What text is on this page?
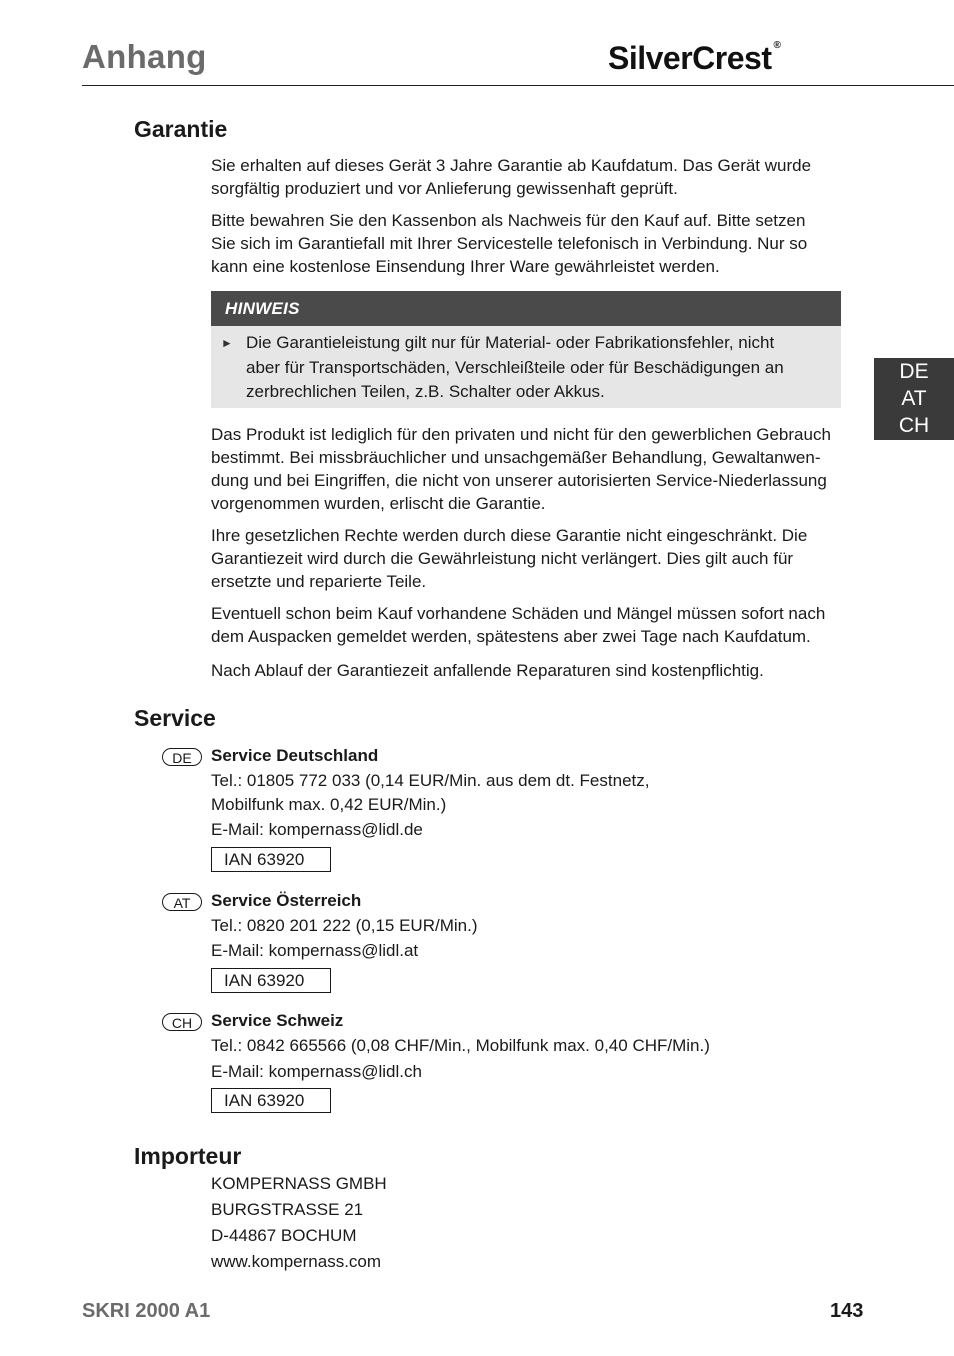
Anhang	SilverCrest ®
DE
AT
CH
Garantie
Sie erhalten auf dieses Gerät 3 Jahre Garantie ab Kaufdatum. Das Gerät wurde
sorgfältig produziert und vor Anlieferung gewissenhaft geprüft.
Bitte bewahren Sie den Kassenbon als Nachweis für den Kauf auf. Bitte setzen
Sie sich im Garantiefall mit Ihrer Servicestelle telefonisch in Verbindung. Nur so
kann eine kostenlose Einsendung Ihrer Ware gewährleistet werden.
HINWEIS
► Die Garantieleistung gilt nur für Material- oder Fabrikationsfehler, nicht
aber für Transportschäden, Verschleißteile oder für Beschädigungen an
zerbrechlichen Teilen, z.B. Schalter oder Akkus.
Das Produkt ist lediglich für den privaten und nicht für den gewerblichen Gebrauch
bestimmt. Bei missbräuchlicher und unsachgemäßer Behandlung, Gewaltanwen-
dung und bei Eingriffen, die nicht von unserer autorisierten Service-Niederlassung
vorgenommen wurden, erlischt die Garantie.
Ihre gesetzlichen Rechte werden durch diese Garantie nicht eingeschränkt. Die
Garantiezeit wird durch die Gewährleistung nicht verlängert. Dies gilt auch für
ersetzte und reparierte Teile.
Eventuell schon beim Kauf vorhandene Schäden und Mängel müssen sofort nach
dem Auspacken gemeldet werden, spätestens aber zwei Tage nach Kaufdatum.
Nach Ablauf der Garantiezeit anfallende Reparaturen sind kostenpflichtig.
Service
DE	Service Deutschland
Tel.: 01805 772 033 (0,14 EUR/Min. aus dem dt. Festnetz,
Mobilfunk max. 0,42 EUR/Min.)
E-Mail: kompernass@lidl.de
IAN 63920
AT	Service Österreich
Tel.: 0820 201 222 (0,15 EUR/Min.)
E-Mail: kompernass@lidl.at
IAN 63920
CH	Service Schweiz
Tel.: 0842 665566 (0,08 CHF/Min., Mobilfunk max. 0,40 CHF/Min.)
E-Mail: kompernass@lidl.ch
IAN 63920
Importeur
KOMPERNASS GMBH
BURGSTRASSE 21
D-44867 BOCHUM
www.kompernass.com
SKRI 2000 A1	143
